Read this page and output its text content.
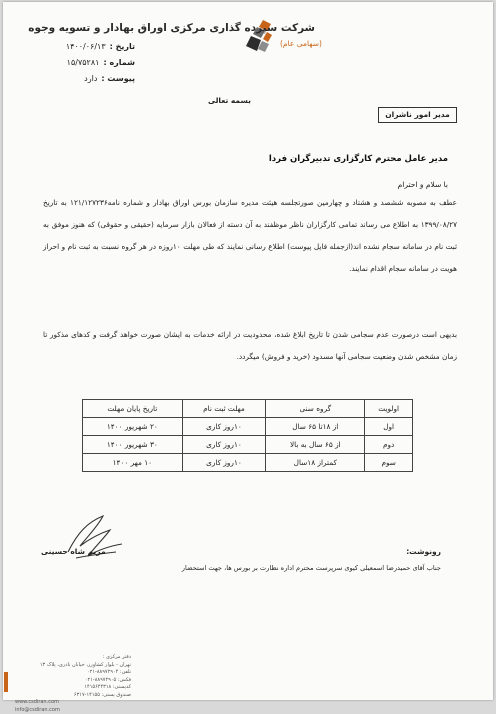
شرکت سپرده گذاری مرکزی اوراق بهادار و تسویه وجوه
(سهامی عام)
تاریخ :۱۴۰۰/۰۶/۱۳
شماره :۱۵/۷۵۲۸۱
پیوست :دارد
بسمه تعالی
مدیر امور ناشران
مدیر عامل محترم کارگزاری تدبیرگران فردا
با سلام و احترام
عطف به مصوبه ششصد و هشتاد و چهارمین صورتجلسه هیئت مدیره سازمان بورس اوراق بهادار و شماره نامه۱۲۱/۱۲۷۲۳۶ به تاریخ ۱۳۹۹/۰۸/۲۷ به اطلاع می رساند تمامی کارگزاران ناظر موظفند به آن دسته از فعالان بازار سرمایه (حقیقی و حقوقی) که هنوز موفق به ثبت نام در سامانه سجام نشده اند(ازجمله فایل پیوست) اطلاع رسانی نمایند که طی مهلت ۱۰روزه در هر گروه نسبت به ثبت نام و احراز هویت در سامانه سجام اقدام نمایند.
بدیهی است درصورت عدم سجامی شدن تا تاریخ ابلاغ شده، محدودیت در ارائه خدمات به ایشان صورت خواهد گرفت و کدهای مذکور تا زمان مشخص شدن وضعیت سجامی آنها مسدود (خرید و فروش) میگردد.
اولویت	گروه سنی	مهلت ثبت نام	تاریخ پایان مهلت
اول	از ۱۸تا ۶۵ سال	۱۰روز کاری	۲۰ شهریور ۱۴۰۰
دوم	از ۶۵ سال به بالا	۱۰روز کاری	۳۰ شهریور ۱۴۰۰
سوم	کمتراز ۱۸سال	۱۰روز کاری	۱۰ مهر ۱۴۰۰
مریم شاه حسینی	رونوشت:
جناب آقای حمیدرضا اسمعیلی کیوی سرپرست محترم اداره نظارت بر بورس ها، جهت استحضار
دفتر مرکزی :
تهران - بلوار کشاورز، خیابان نادری، پلاک ۱۳
تلفن: ۸۸۹۷۲۹۰۴-۰۲۱
فکس: ۸۸۹۷۲۹۰۵-۰۲۱
کدپستی: ۱۴۱۵۶۴۴۳۱۸
صندوق پستی: ۱۴۱۵۵-۶۳۱۷
www.csdiran.com
info@csdiran.com
